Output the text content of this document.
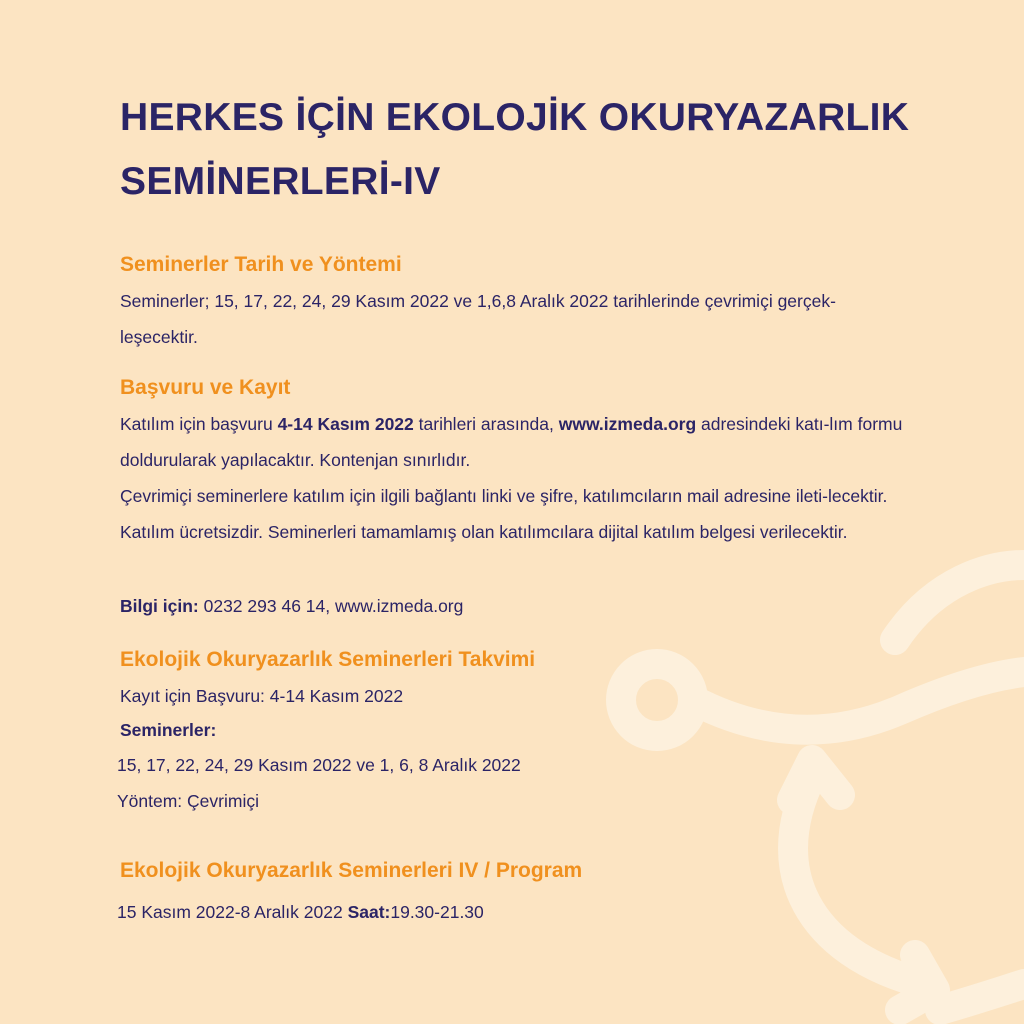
HERKES İÇİN EKOLOJİK OKURYAZARLIK SEMİNERLERİ-IV
Seminerler Tarih ve Yöntemi

Seminerler; 15, 17, 22, 24, 29 Kasım 2022 ve 1,6,8 Aralık 2022 tarihlerinde çevrimiçi gerçek-leşecektir.

Başvuru ve Kayıt

Katılım için başvuru 4-14 Kasım 2022 tarihleri arasında, www.izmeda.org adresindeki katı-lım formu doldurularak yapılacaktır. Kontenjan sınırlıdır.

Çevrimiçi seminerlere katılım için ilgili bağlantı linki ve şifre, katılımcıların mail adresine ileti-lecektir. Katılım ücretsizdir. Seminerleri tamamlamış olan katılımcılara dijital katılım belgesi verilecektir.

Bilgi için: 0232 293 46 14, www.izmeda.org

Ekolojik Okuryazarlık Seminerleri Takvimi

Kayıt için Başvuru: 4-14 Kasım 2022

Seminerler:

15, 17, 22, 24, 29 Kasım 2022 ve 1, 6, 8 Aralık 2022

Yöntem: Çevrimiçi

Ekolojik Okuryazarlık Seminerleri IV / Program

15 Kasım 2022-8 Aralık 2022 Saat:19.30-21.30
